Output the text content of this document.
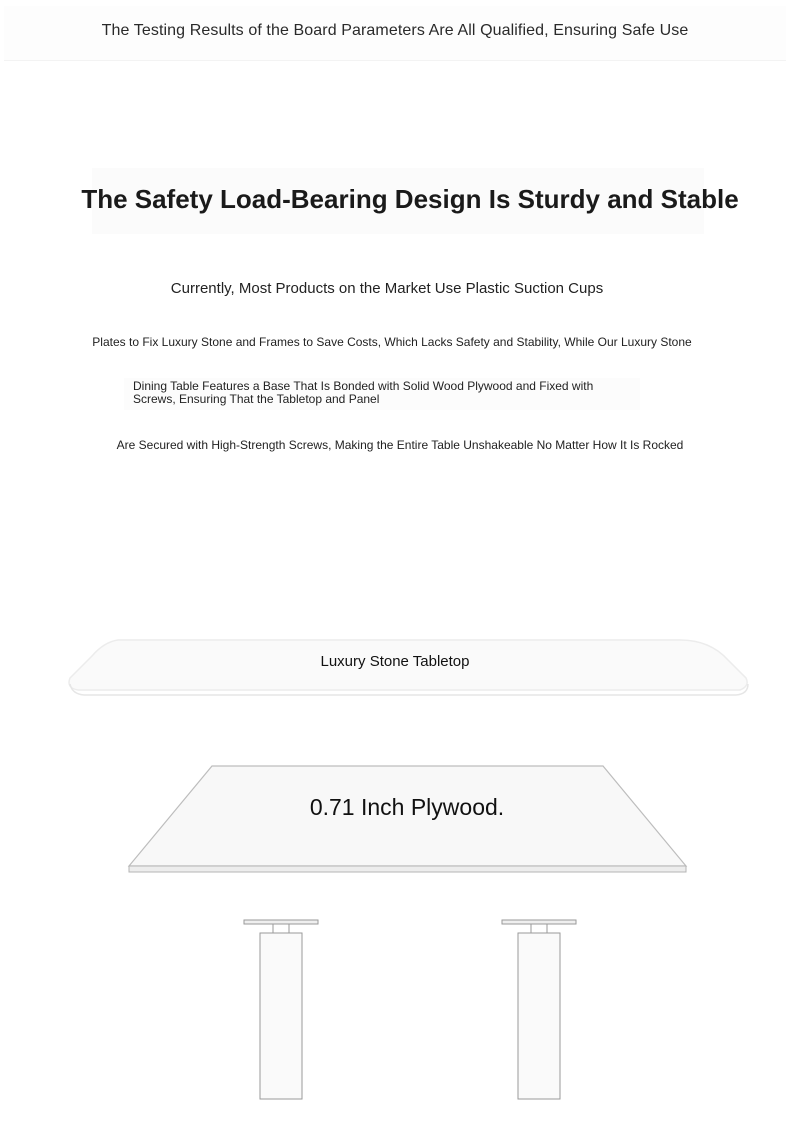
The Testing Results of the Board Parameters Are All Qualified, Ensuring Safe Use
The Safety Load-Bearing Design Is Sturdy and Stable
Currently, Most Products on the Market Use Plastic Suction Cups
Plates to Fix Luxury Stone and Frames to Save Costs, Which Lacks Safety and Stability, While Our Luxury Stone
Dining Table Features a Base That Is Bonded with Solid Wood Plywood and Fixed with Screws, Ensuring That the Tabletop and Panel
Are Secured with High-Strength Screws, Making the Entire Table Unshakeable No Matter How It Is Rocked
Luxury Stone Tabletop
0.71 Inch Plywood.
